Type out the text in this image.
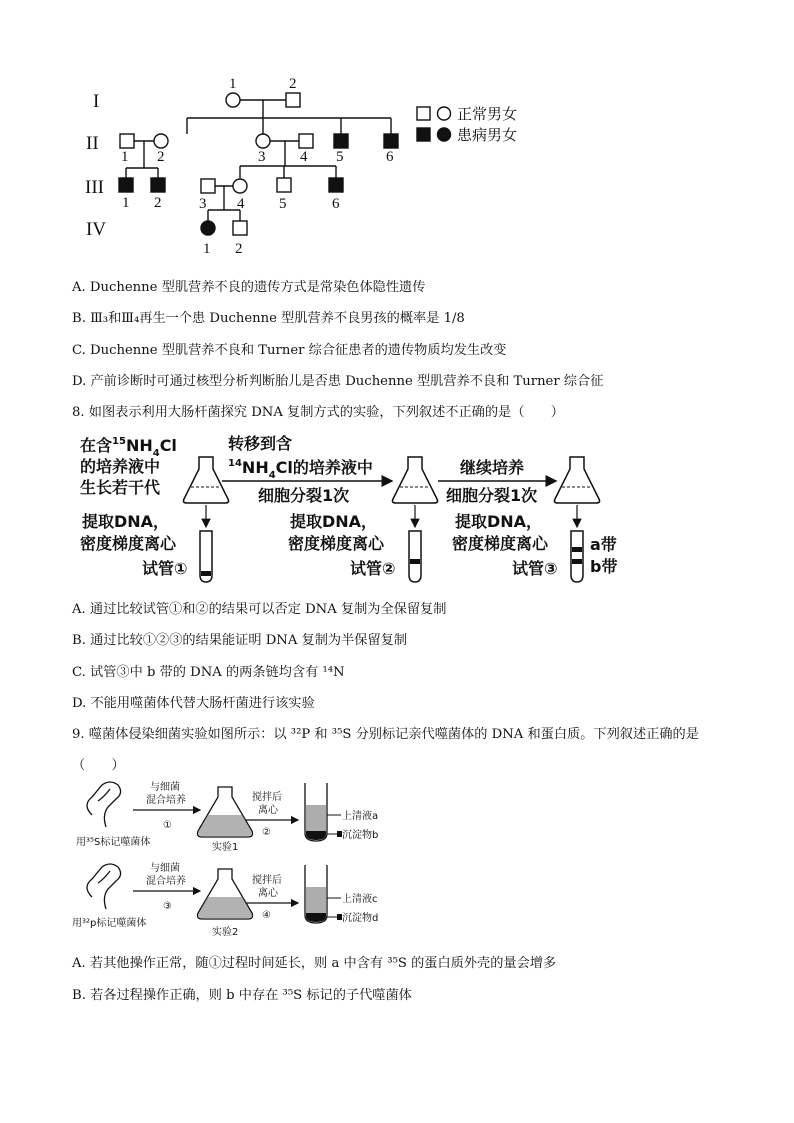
I
II
III
IV
1	2
1 2	3 4 5	6
1 2	3 4 5	6
1 2
正常男女
患病男女
A. Duchenne 型肌营养不良的遗传方式是常染色体隐性遗传
B. Ⅲ₃和Ⅲ₄再生一个患 Duchenne 型肌营养不良男孩的概率是 1/8
C. Duchenne 型肌营养不良和 Turner 综合征患者的遗传物质均发生改变
D. 产前诊断时可通过核型分析判断胎儿是否患 Duchenne 型肌营养不良和 Turner 综合征
8. 如图表示利用大肠杆菌探究 DNA 复制方式的实验，下列叙述不正确的是（　　）
在含$^{15}NH_4Cl$
的培养液中
生长若干代
转移到含
$^{14}NH_4Cl$的培养液中
细胞分裂1次
继续培养
细胞分裂1次
提取DNA，
密度梯度离心
试管①
提取DNA，
密度梯度离心
试管②
提取DNA，
密度梯度离心
试管③
a带
b带
A. 通过比较试管①和②的结果可以否定 DNA 复制为全保留复制
B. 通过比较①②③的结果能证明 DNA 复制为半保留复制
C. 试管③中 b 带的 DNA 的两条链均含有 ¹⁴N
D. 不能用噬菌体代替大肠杆菌进行该实验
9. 噬菌体侵染细菌实验如图所示：以 ³²P 和 ³⁵S 分别标记亲代噬菌体的 DNA 和蛋白质。下列叙述正确的是
（　　）
用³⁵S标记噬菌体
用³²p标记噬菌体
与细菌
混合培养
①
与细菌
混合培养
③
搅拌后
离心
②
搅拌后
离心
④
实验1
实验2
上清液a
沉淀物b
上清液c
沉淀物d
A. 若其他操作正常，随①过程时间延长，则 a 中含有 ³⁵S 的蛋白质外壳的量会增多
B. 若各过程操作正确，则 b 中存在 ³⁵S 标记的子代噬菌体
